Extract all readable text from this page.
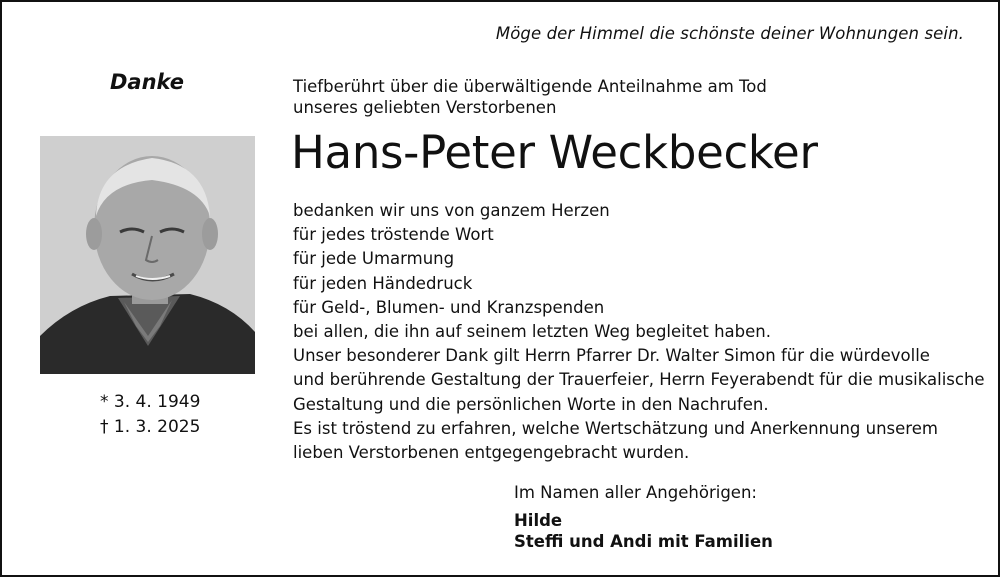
Möge der Himmel die schönste deiner Wohnungen sein.
Danke
* 3. 4. 1949
† 1. 3. 2025
Tiefberührt über die überwältigende Anteilnahme am Tod
unseres geliebten Verstorbenen
Hans-Peter Weckbecker
bedanken wir uns von ganzem Herzen
für jedes tröstende Wort
für jede Umarmung
für jeden Händedruck
für Geld-, Blumen- und Kranzspenden
bei allen, die ihn auf seinem letzten Weg begleitet haben.
Unser besonderer Dank gilt Herrn Pfarrer Dr. Walter Simon für die würdevolle
und berührende Gestaltung der Trauerfeier, Herrn Feyerabendt für die musikalische
Gestaltung und die persönlichen Worte in den Nachrufen.
Es ist tröstend zu erfahren, welche Wertschätzung und Anerkennung unserem
lieben Verstorbenen entgegengebracht wurden.
Im Namen aller Angehörigen:
Hilde
Steffi und Andi mit Familien
